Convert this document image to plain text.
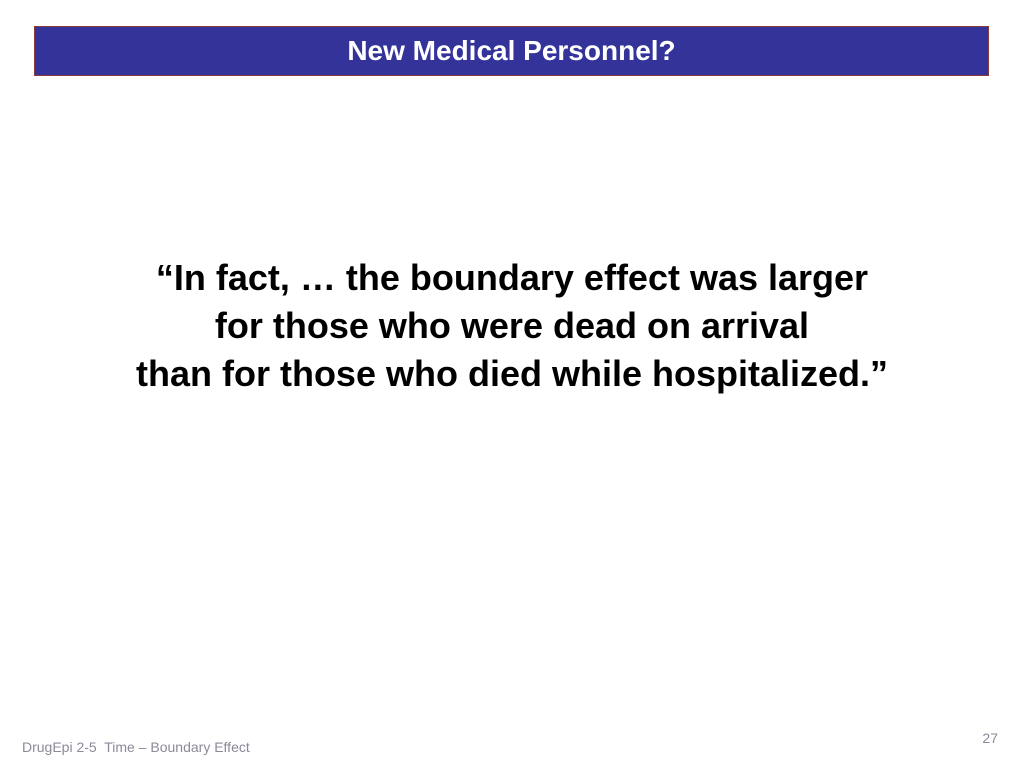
New Medical Personnel?
“In fact, … the boundary effect was larger
for those who were dead on arrival
than for those who died while hospitalized.”
DrugEpi 2-5  Time – Boundary Effect
27
